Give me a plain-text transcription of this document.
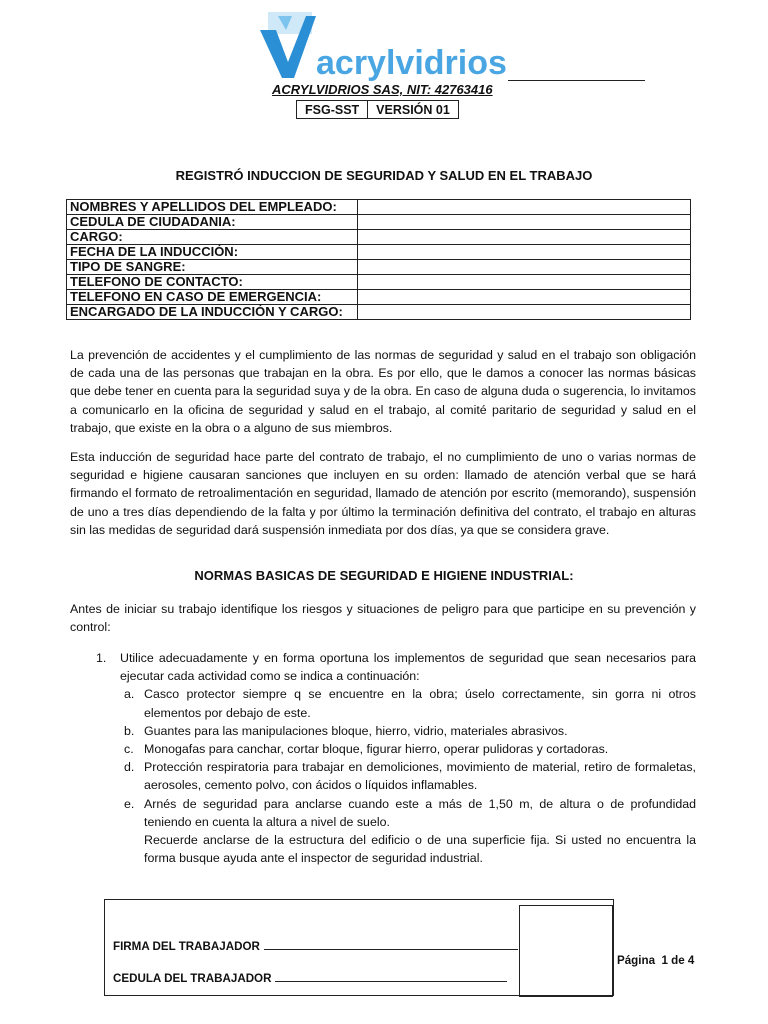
acrylvidrios
ACRYLVIDRIOS SAS, NIT: 42763416
FSG-SST	VERSIÓN 01
REGISTRÓ INDUCCION DE SEGURIDAD Y SALUD EN EL TRABAJO
NOMBRES Y APELLIDOS DEL EMPLEADO:	
CEDULA DE CIUDADANIA:	
CARGO:	
FECHA DE LA INDUCCIÓN:	
TIPO DE SANGRE:	
TELEFONO DE CONTACTO:	
TELEFONO EN CASO DE EMERGENCIA:	
ENCARGADO DE LA INDUCCIÓN Y CARGO:	
La prevención de accidentes y el cumplimiento de las normas de seguridad y salud en el trabajo son obligación de cada una de las personas que trabajan en la obra. Es por ello, que le damos a conocer las normas básicas que debe tener en cuenta para la seguridad suya y de la obra. En caso de alguna duda o sugerencia, lo invitamos a comunicarlo en la oficina de seguridad y salud en el trabajo, al comité paritario de seguridad y salud en el trabajo, que existe en la obra o a alguno de sus miembros.
Esta inducción de seguridad hace parte del contrato de trabajo, el no cumplimiento de uno o varias normas de seguridad e higiene causaran sanciones que incluyen en su orden: llamado de atención verbal que se hará firmando el formato de retroalimentación en seguridad, llamado de atención por escrito (memorando), suspensión de uno a tres días dependiendo de la falta y por último la terminación definitiva del contrato, el trabajo en alturas sin las medidas de seguridad dará suspensión inmediata por dos días, ya que se considera grave.
NORMAS BASICAS DE SEGURIDAD E HIGIENE INDUSTRIAL:
Antes de iniciar su trabajo identifique los riesgos y situaciones de peligro para que participe en su prevención y control:
1.	Utilice adecuadamente y en forma oportuna los implementos de seguridad que sean necesarios para ejecutar cada actividad como se indica a continuación:
a. Casco protector siempre q se encuentre en la obra; úselo correctamente, sin gorra ni otros elementos por debajo de este.
b. Guantes para las manipulaciones bloque, hierro, vidrio, materiales abrasivos.
c. Monogafas para canchar, cortar bloque, figurar hierro, operar pulidoras y cortadoras.
d. Protección respiratoria para trabajar en demoliciones, movimiento de material, retiro de formaletas, aerosoles, cemento polvo, con ácidos o líquidos inflamables.
e. Arnés de seguridad para anclarse cuando este a más de 1,50 m, de altura o de profundidad teniendo en cuenta la altura a nivel de suelo.
Recuerde anclarse de la estructura del edificio o de una superficie fija. Si usted no encuentra la forma busque ayuda ante el inspector de seguridad industrial.
FIRMA DEL TRABAJADOR
CEDULA DEL TRABAJADOR
Página 1 de 4
